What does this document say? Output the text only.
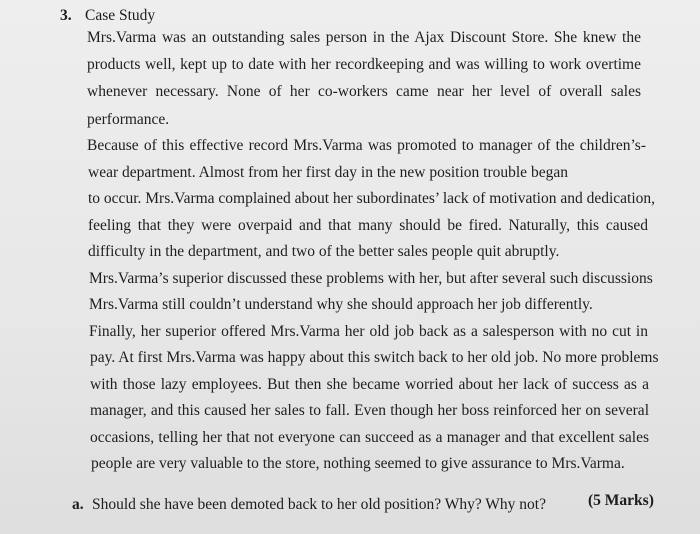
3. Case Study
Mrs.Varma was an outstanding sales person in the Ajax Discount Store. She knew the
products well, kept up to date with her recordkeeping and was willing to work overtime
whenever necessary. None of her co-workers came near her level of overall sales
performance.
Because of this effective record Mrs.Varma was promoted to manager of the children’s-
wear department. Almost from her first day in the new position trouble began
to occur. Mrs.Varma complained about her subordinates’ lack of motivation and dedication,
feeling that they were overpaid and that many should be fired. Naturally, this caused
difficulty in the department, and two of the better sales people quit abruptly.
Mrs.Varma’s superior discussed these problems with her, but after several such discussions
Mrs.Varma still couldn’t understand why she should approach her job differently.
Finally, her superior offered Mrs.Varma her old job back as a salesperson with no cut in
pay. At first Mrs.Varma was happy about this switch back to her old job. No more problems
with those lazy employees. But then she became worried about her lack of success as a
manager, and this caused her sales to fall. Even though her boss reinforced her on several
occasions, telling her that not everyone can succeed as a manager and that excellent sales
people are very valuable to the store, nothing seemed to give assurance to Mrs.Varma.
a. Should she have been demoted back to her old position? Why? Why not?	(5 Marks)
